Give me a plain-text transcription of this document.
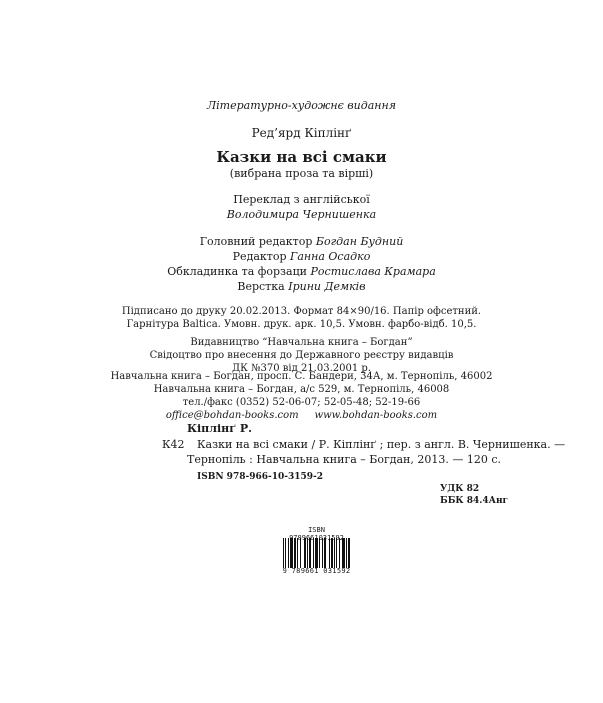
Літературно-художнє видання
Ред’ярд Кіплінґ
Казки на всі смаки
(вибрана проза та вірші)
Переклад з англійської
Володимира Чернишенка
Головний редактор Богдан Будний
Редактор Ганна Осадко
Обкладинка та форзаци Ростислава Крамара
Верстка Ірини Демків
Підписано до друку 20.02.2013. Формат 84×90/16. Папір офсетний.
Гарнітура Baltica. Умовн. друк. арк. 10,5. Умовн. фарбо-відб. 10,5.
Видавництво “Навчальна книга – Богдан”
Свідоцтво про внесення до Державного реєстру видавців
ДК №370 від 21.03.2001 р.
Навчальна книга – Богдан, просп. С. Бандери, 34А, м. Тернопіль, 46002
Навчальна книга – Богдан, а/с 529, м. Тернопіль, 46008
тел./факс (0352) 52-06-07; 52-05-48; 52-19-66
office@bohdan-books.com www.bohdan-books.com
Кіплінґ Р.
К42 Казки на всі смаки / Р. Кіплінґ ; пер. з англ. В. Чернишенка. —
Тернопіль : Навчальна книга – Богдан, 2013. — 120 с.
ISBN 978-966-10-3159-2
УДК 82
ББК 84.4Анг
ISBN
9 789661 031592
